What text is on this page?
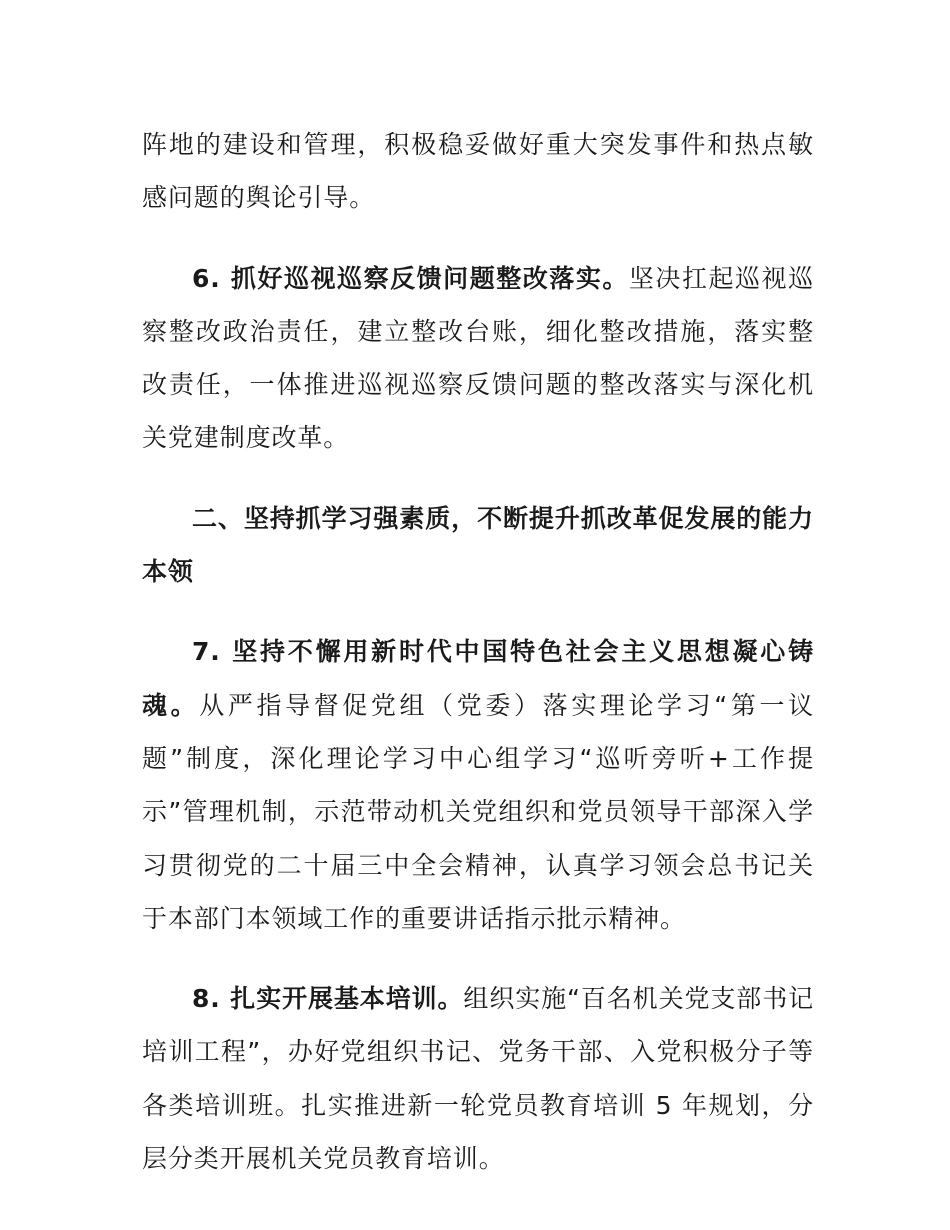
阵地的建设和管理，积极稳妥做好重大突发事件和热点敏感问题的舆论引导。

6. 抓好巡视巡察反馈问题整改落实。坚决扛起巡视巡察整改政治责任，建立整改台账，细化整改措施，落实整改责任，一体推进巡视巡察反馈问题的整改落实与深化机关党建制度改革。

二、坚持抓学习强素质，不断提升抓改革促发展的能力本领

7. 坚持不懈用新时代中国特色社会主义思想凝心铸魂。从严指导督促党组（党委）落实理论学习“第一议题”制度，深化理论学习中心组学习“巡听旁听+工作提示”管理机制，示范带动机关党组织和党员领导干部深入学习贯彻党的二十届三中全会精神，认真学习领会总书记关于本部门本领域工作的重要讲话指示批示精神。

8. 扎实开展基本培训。组织实施“百名机关党支部书记培训工程”，办好党组织书记、党务干部、入党积极分子等各类培训班。扎实推进新一轮党员教育培训 5 年规划，分层分类开展机关党员教育培训。
